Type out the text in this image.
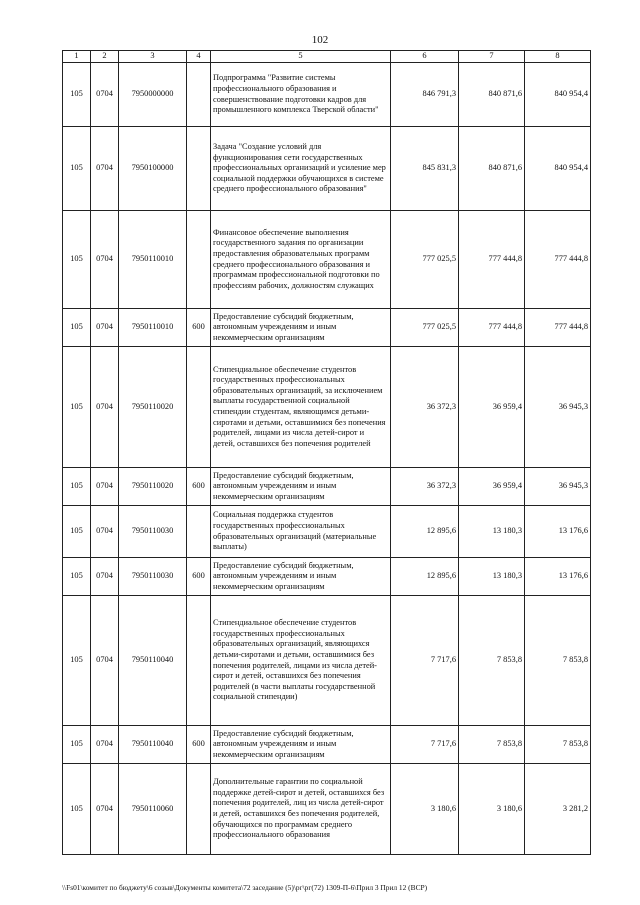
102
1	2	3	4	5	6	7	8
105	0704	7950000000		Подпрограмма "Развитие системы профессионального образования и совершенствование подготовки кадров для промышленного комплекса Тверской области"	846 791,3	840 871,6	840 954,4
105	0704	7950100000		Задача "Создание условий для функционирования сети государственных профессиональных организаций и усиление мер социальной поддержки обучающихся в системе среднего профессионального образования"	845 831,3	840 871,6	840 954,4
105	0704	7950110010		Финансовое обеспечение выполнения государственного задания по организации предоставления образовательных программ среднего профессионального образования и программам профессиональной подготовки по профессиям рабочих, должностям служащих	777 025,5	777 444,8	777 444,8
105	0704	7950110010	600	Предоставление субсидий бюджетным, автономным учреждениям и иным некоммерческим организациям	777 025,5	777 444,8	777 444,8
105	0704	7950110020		Стипендиальное обеспечение студентов государственных профессиональных образовательных организаций, за исключением выплаты государственной социальной стипендии студентам, являющимся детьми-сиротами и детьми, оставшимися без попечения родителей, лицами из числа детей-сирот и детей, оставшихся без попечения родителей	36 372,3	36 959,4	36 945,3
105	0704	7950110020	600	Предоставление субсидий бюджетным, автономным учреждениям и иным некоммерческим организациям	36 372,3	36 959,4	36 945,3
105	0704	7950110030		Социальная поддержка студентов государственных профессиональных образовательных организаций (материальные выплаты)	12 895,6	13 180,3	13 176,6
105	0704	7950110030	600	Предоставление субсидий бюджетным, автономным учреждениям и иным некоммерческим организациям	12 895,6	13 180,3	13 176,6
105	0704	7950110040		Стипендиальное обеспечение студентов государственных профессиональных образовательных организаций, являющихся детьми-сиротами и детьми, оставшимися без попечения родителей, лицами из числа детей-сирот и детей, оставшихся без попечения родителей (в части выплаты государственной социальной стипендии)	7 717,6	7 853,8	7 853,8
105	0704	7950110040	600	Предоставление субсидий бюджетным, автономным учреждениям и иным некоммерческим организациям	7 717,6	7 853,8	7 853,8
105	0704	7950110060		Дополнительные гарантии по социальной поддержке детей-сирот и детей, оставшихся без попечения родителей, лиц из числа детей-сирот и детей, оставшихся без попечения родителей, обучающихся по программам среднего профессионального образования	3 180,6	3 180,6	3 281,2
\\Fs01\комитет по бюджету\6 созыв\Документы комитета\72 заседание (5)\рг\рг(72) 1309-П-6\Прил 3 Прил 12 (ВСР)
